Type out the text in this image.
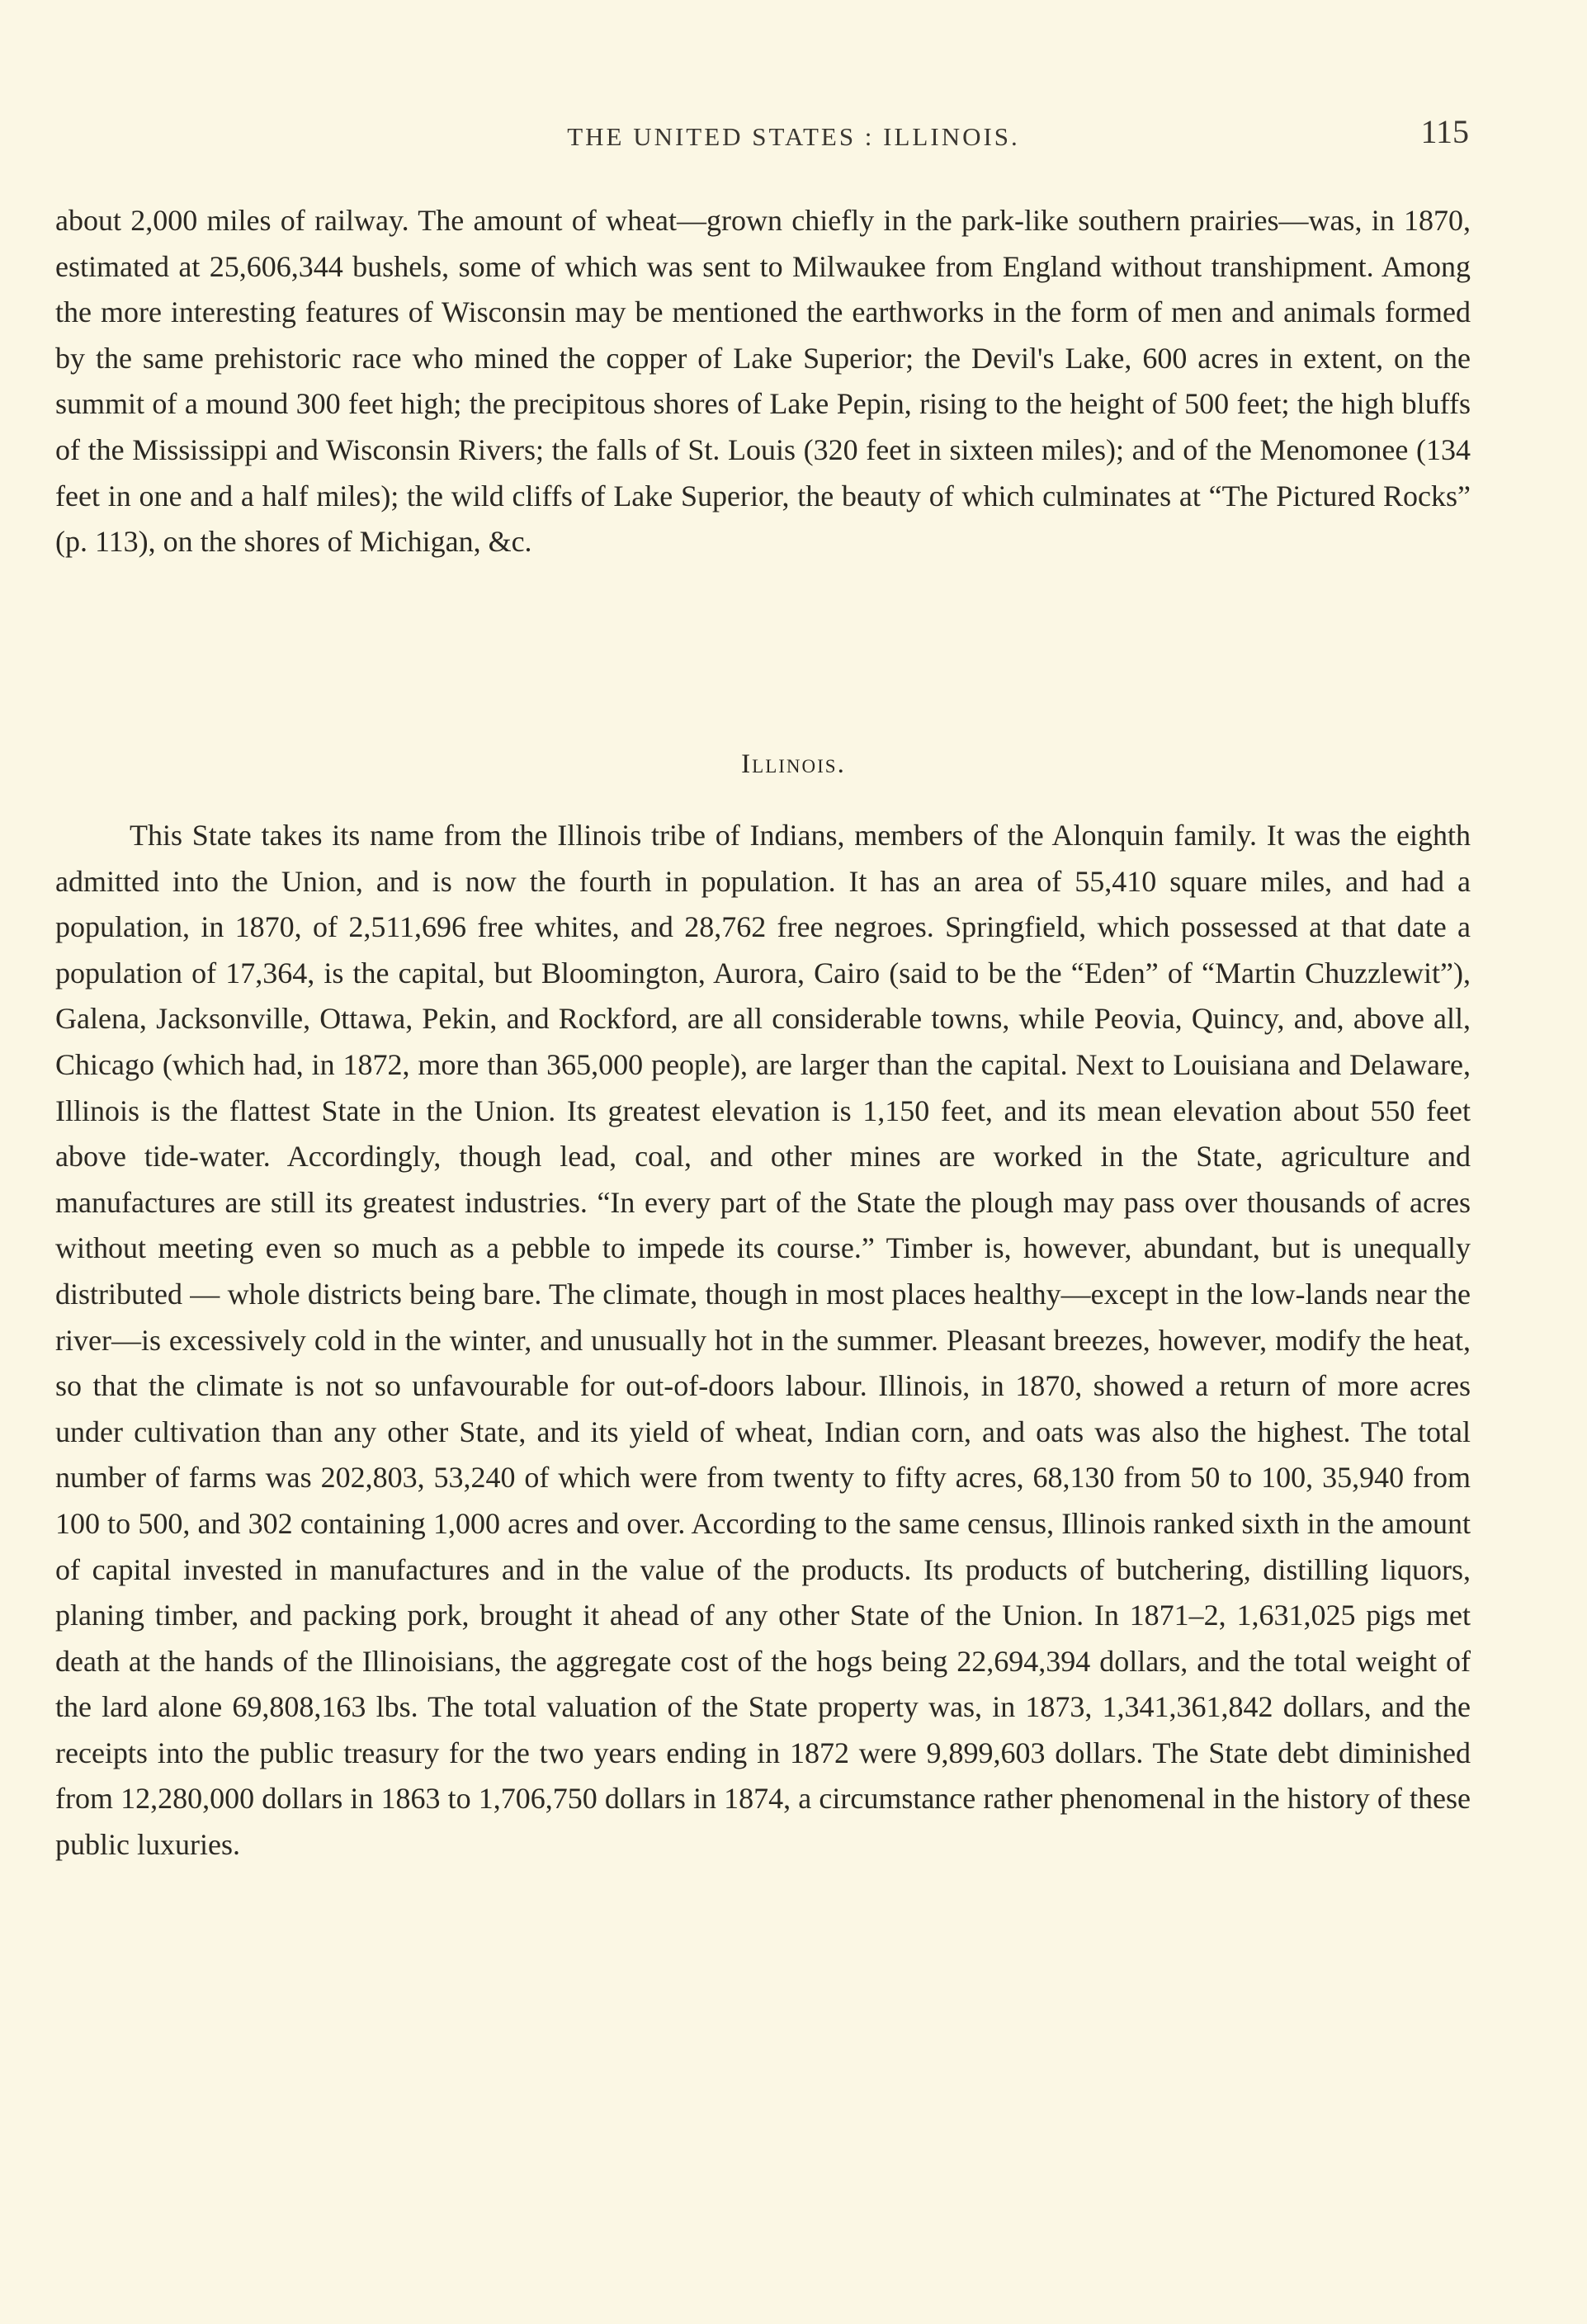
THE UNITED STATES : ILLINOIS.	115

about 2,000 miles of railway. The amount of wheat—grown chiefly in the park-like southern prairies—was, in 1870, estimated at 25,606,344 bushels, some of which was sent to Milwaukee from England without transhipment. Among the more interesting features of Wisconsin may be mentioned the earthworks in the form of men and animals formed by the same prehistoric race who mined the copper of Lake Superior; the Devil's Lake, 600 acres in extent, on the summit of a mound 300 feet high; the precipitous shores of Lake Pepin, rising to the height of 500 feet; the high bluffs of the Mississippi and Wisconsin Rivers; the falls of St. Louis (320 feet in sixteen miles); and of the Menomonee (134 feet in one and a half miles); the wild cliffs of Lake Superior, the beauty of which culminates at “The Pictured Rocks” (p. 113), on the shores of Michigan, &c.

Illinois.

This State takes its name from the Illinois tribe of Indians, members of the Alonquin family. It was the eighth admitted into the Union, and is now the fourth in population. It has an area of 55,410 square miles, and had a population, in 1870, of 2,511,696 free whites, and 28,762 free negroes. Springfield, which possessed at that date a population of 17,364, is the capital, but Bloomington, Aurora, Cairo (said to be the “Eden” of “Martin Chuzzlewit”), Galena, Jacksonville, Ottawa, Pekin, and Rockford, are all considerable towns, while Peovia, Quincy, and, above all, Chicago (which had, in 1872, more than 365,000 people), are larger than the capital. Next to Louisiana and Delaware, Illinois is the flattest State in the Union. Its greatest elevation is 1,150 feet, and its mean elevation about 550 feet above tide-water. Accordingly, though lead, coal, and other mines are worked in the State, agriculture and manufactures are still its greatest industries. “In every part of the State the plough may pass over thousands of acres without meeting even so much as a pebble to impede its course.” Timber is, however, abundant, but is unequally distributed — whole districts being bare. The climate, though in most places healthy—except in the low-lands near the river—is excessively cold in the winter, and unusually hot in the summer. Pleasant breezes, however, modify the heat, so that the climate is not so unfavourable for out-of-doors labour. Illinois, in 1870, showed a return of more acres under cultivation than any other State, and its yield of wheat, Indian corn, and oats was also the highest. The total number of farms was 202,803, 53,240 of which were from twenty to fifty acres, 68,130 from 50 to 100, 35,940 from 100 to 500, and 302 containing 1,000 acres and over. According to the same census, Illinois ranked sixth in the amount of capital invested in manufactures and in the value of the products. Its products of butchering, distilling liquors, planing timber, and packing pork, brought it ahead of any other State of the Union. In 1871–2, 1,631,025 pigs met death at the hands of the Illinoisians, the aggregate cost of the hogs being 22,694,394 dollars, and the total weight of the lard alone 69,808,163 lbs. The total valuation of the State property was, in 1873, 1,341,361,842 dollars, and the receipts into the public treasury for the two years ending in 1872 were 9,899,603 dollars. The State debt diminished from 12,280,000 dollars in 1863 to 1,706,750 dollars in 1874, a circumstance rather phenomenal in the history of these public luxuries.
